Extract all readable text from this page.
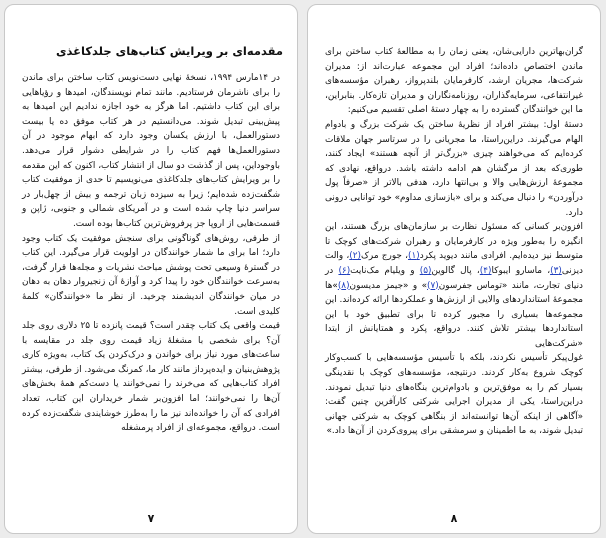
مقدمه‌ای بر ویرایش کتاب‌های جلدکاغذی

در ۱۴مارس ۱۹۹۴، نسخهٔ نهایی دست‌نویس کتاب ساختن برای ماندن را برای ناشرمان فرستادیم. مانند تمام نویسندگان، امیدها و رؤیاهایی برای این کتاب داشتیم. اما هرگز به خود اجازه ندادیم این امیدها به پیش‌بینی تبدیل شوند. می‌دانستیم در هر کتاب موفق ده یا بیست دستورالعمل، با ارزش یکسان وجود دارد که ابهام موجود در آن دستورالعمل‌ها فهم کتاب را در شرایطی دشوار قرار می‌دهد. باوجوداین، پس از گذشت دو سال از انتشار کتاب، اکنون که این مقدمه را بر ویرایش کتاب‌های جلدکاغذی می‌نویسیم تا حدی از موفقیت کتاب شگفت‌زده شده‌ایم؛ زیرا به سیزده زبان ترجمه و بیش از چهل‌بار در سراسر دنیا چاپ شده است و در آمریکای شمالی و جنوبی، ژاپن و قسمت‌هایی از اروپا جز پرفروش‌ترین کتاب‌ها بوده است.

از طرفی، روش‌های گوناگونی برای سنجش موفقیت یک کتاب وجود دارد؛ اما برای ما شمار خوانندگان در اولویت قرار می‌گیرد. این کتاب در گسترهٔ وسیعی تحت پوشش مباحث نشریات و مجله‌ها قرار گرفت، به‌سرعت خوانندگان خود را پیدا کرد و آوازهٔ آن زنجیروار دهان به دهان در میان خوانندگان اندیشمند چرخید. از نظر ما «خوانندگان» کلمهٔ کلیدی است.

قیمت واقعی یک کتاب چقدر است؟ قیمت پانزده تا ۲۵ دلاری روی جلد آن؟ برای شخصی با مشغلهٔ زیاد قیمت روی جلد در مقایسه با ساعت‌های مورد نیاز برای خواندن و درک‌کردن یک کتاب، به‌ویژه کاری پژوهش‌بنیان و ایده‌پرداز مانند کار ما، کمرنگ می‌شود. از طرفی، بیشتر افراد کتاب‌هایی که می‌خرند را نمی‌خوانند یا دست‌کم همهٔ بخش‌های آن‌ها را نمی‌خوانند؛ اما افزون‌بر شمار خریداران این کتاب، تعداد افرادی که آن را خوانده‌اند نیز ما را به‌طرز خوشایندی شگفت‌زده کرده است. درواقع، مجموعه‌ای از افراد پرمشغله

۷

گران‌بهاترین دارایی‌شان، یعنی زمان را به مطالعهٔ کتاب ساختن برای ماندن اختصاص داده‌اند؛ افراد این مجموعه عبارت‌اند از: مدیران شرکت‌ها، مجریان ارشد، کارفرمایان بلندپرواز، رهبران مؤسسه‌های غیرانتفاعی، سرمایه‌گذاران، روزنامه‌نگاران و مدیران تازه‌کار. بنابراین، ما این خوانندگان گسترده را به چهار دستهٔ اصلی تقسیم می‌کنیم:

دستهٔ اول: بیشتر افراد از نظریهٔ ساختن یک شرکت بزرگ و بادوام الهام می‌گیرند. دراین‌راستا، ما مجریانی را در سرتاسر جهان ملاقات کرده‌ایم که می‌خواهند چیزی «بزرگ‌تر از آنچه هستند» ایجاد کنند، طوری‌که بعد از مرگشان هم ادامه داشته باشد. درواقع، نهادی که مجموعهٔ ارزش‌هایی والا و بی‌انتها دارد، هدفی بالاتر از «صرفاً پول درآوردن» را دنبال می‌کند و برای «بازسازی مداوم» خود توانایی درونی دارد.

افزون‌بر کسانی که مسئول نظارت بر سازمان‌های بزرگ هستند، این انگیزه را به‌طور ویژه در کارفرمایان و رهبران شرکت‌های کوچک تا متوسط نیز دیده‌ایم. افرادی مانند دیوید پکرد(۱)، جورج مرک(۲)، والت دیزنی(۳)، ماسارو ایبوکا(۴)، پال گالوین(۵) و ویلیام مک‌نایت(۶) در دنیای تجارت، مانند «توماس جفرسون(۷)» و «جیمز مدیسون(۸)»ها مجموعهٔ استانداردهای والایی از ارزش‌ها و عملکردها ارائه کرده‌اند. این مجموعه‌ها بسیاری را مجبور کرده تا برای تطبیق خود با این استانداردها بیشتر تلاش کنند. درواقع، پکرد و همتایانش از ابتدا «شرکت‌هایی

غول‌پیکر تأسیس نکردند، بلکه با تأسیس مؤسسه‌هایی با کسب‌وکار کوچک شروع به‌کار کردند. درنتیجه، مؤسسه‌های کوچک با نقدینگی بسیار کم را به موفق‌ترین و بادوام‌ترین بنگاه‌های دنیا تبدیل نمودند. دراین‌راستا، یکی از مدیران اجرایی شرکتی کارآفرین چنین گفت: «آگاهی از اینکه آن‌ها توانسته‌اند از بنگاهی کوچک به شرکتی جهانی تبدیل شوند، به ما اطمینان و سرمشقی برای پیروی‌کردن از آن‌ها داد.»

۸
